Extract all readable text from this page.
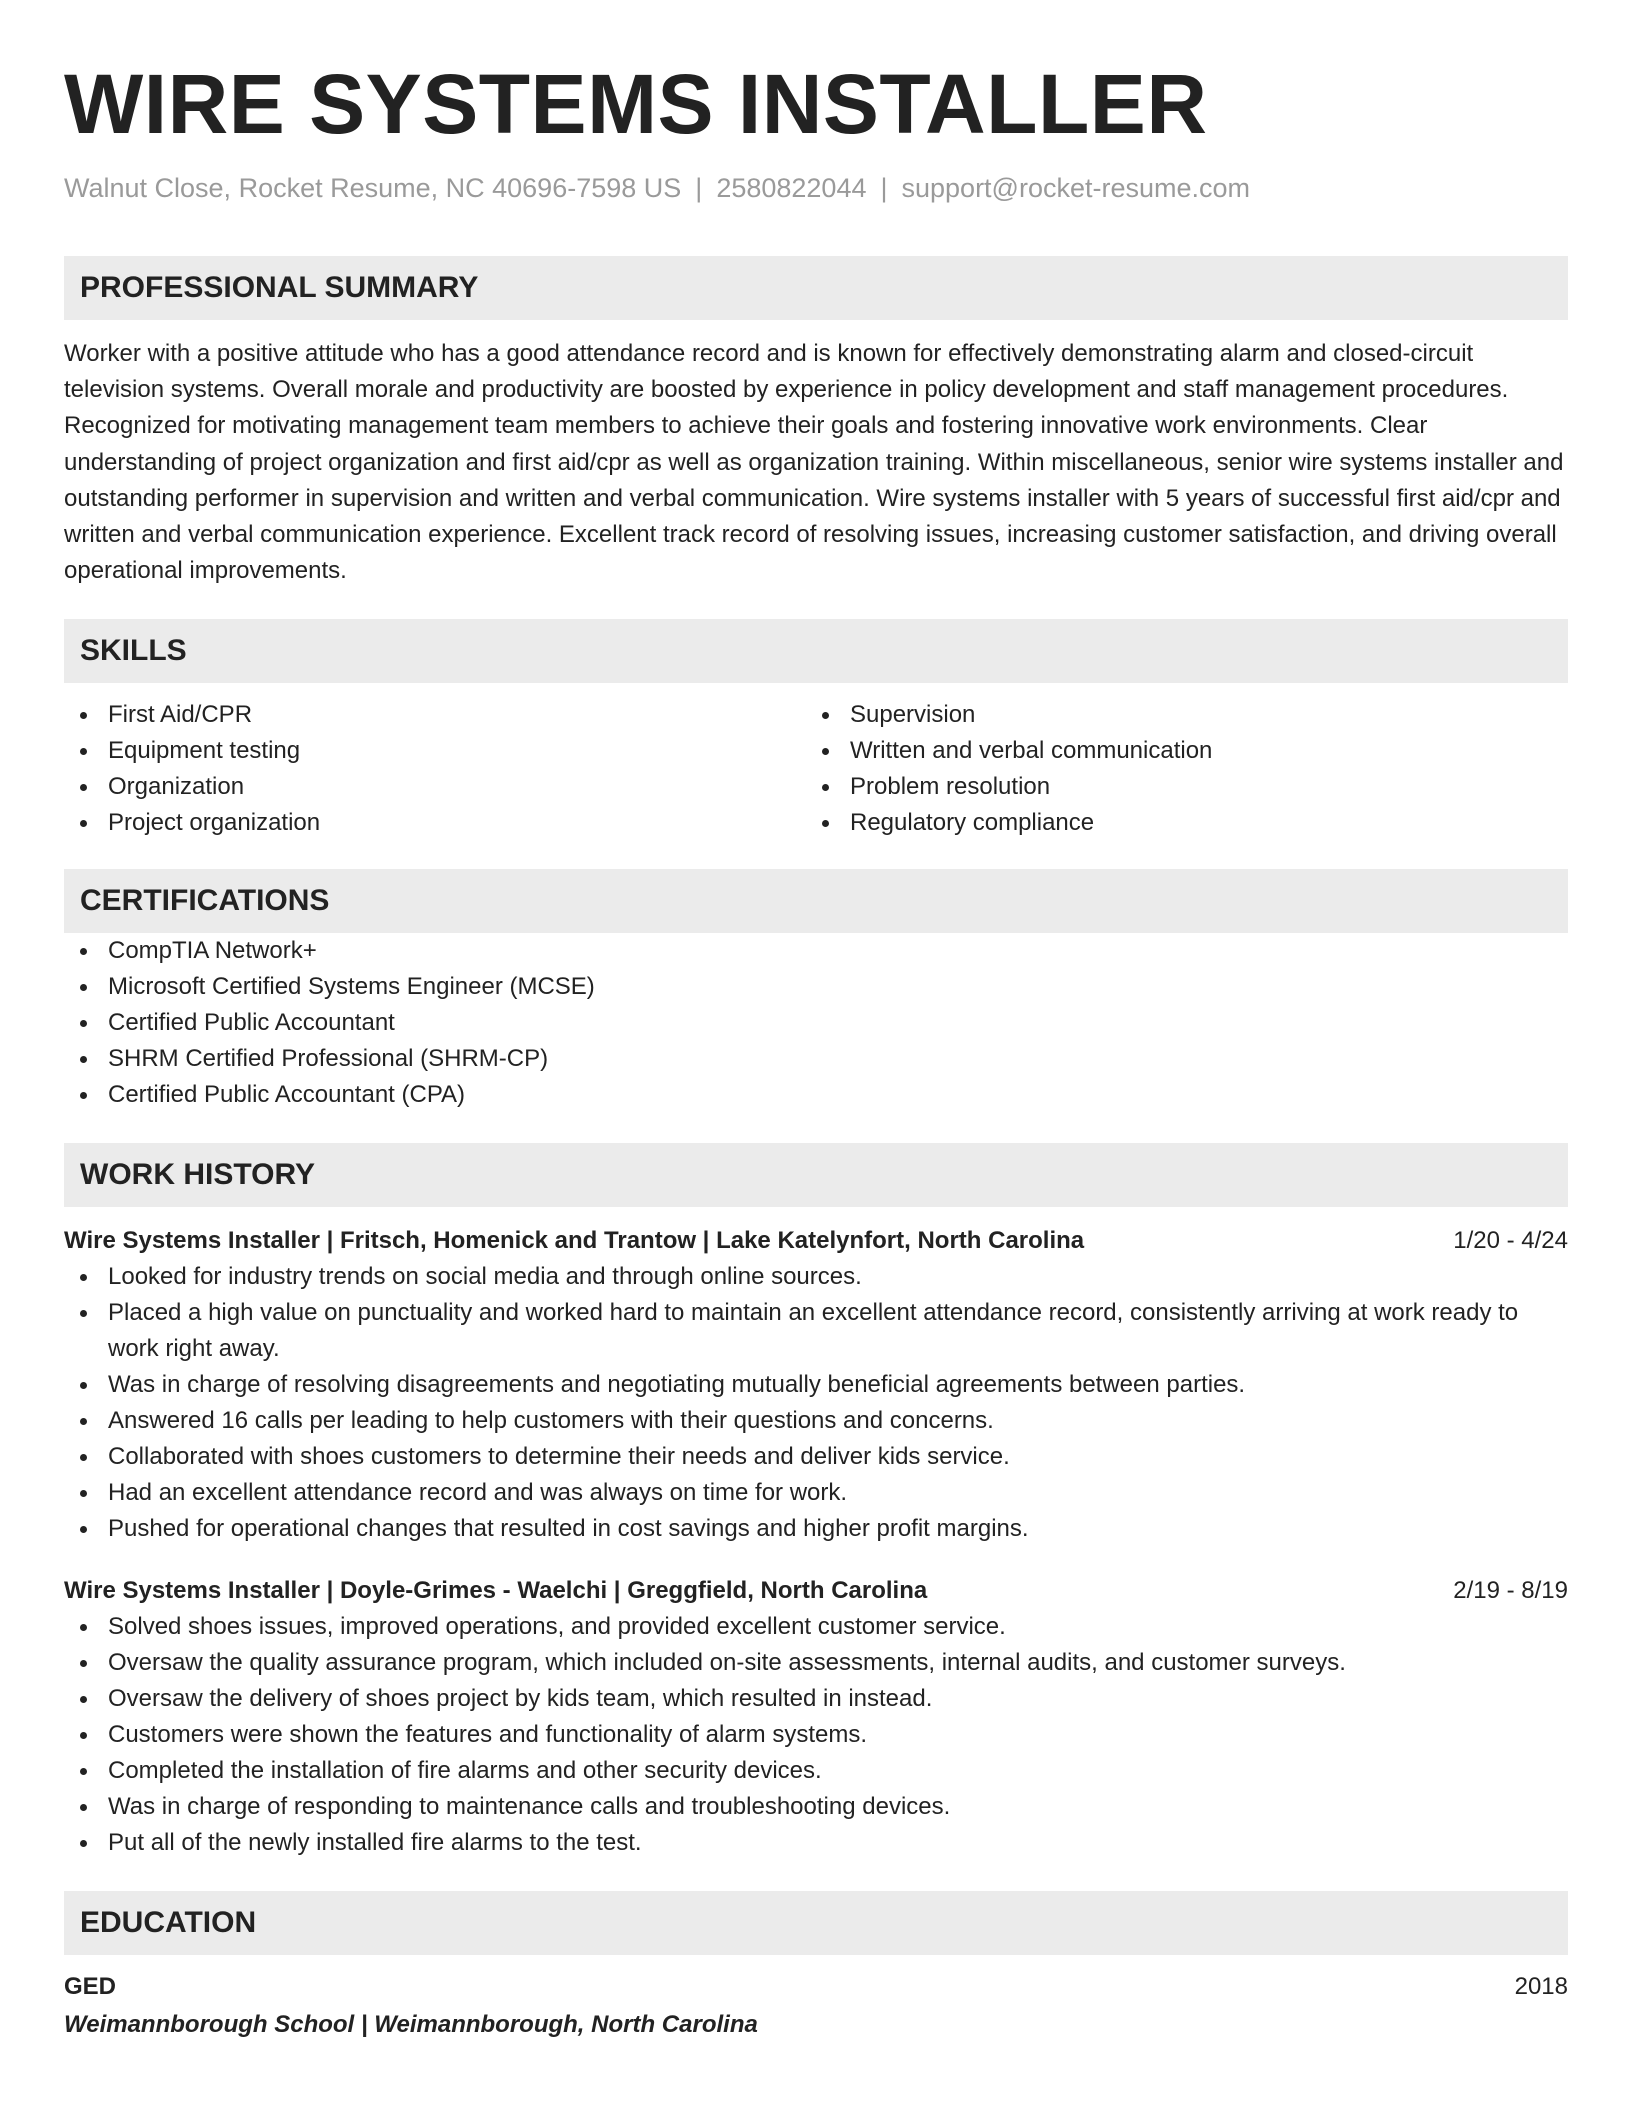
WIRE SYSTEMS INSTALLER
Walnut Close, Rocket Resume, NC 40696-7598 US | 2580822044 | support@rocket-resume.com
PROFESSIONAL SUMMARY
Worker with a positive attitude who has a good attendance record and is known for effectively demonstrating alarm and closed-circuit television systems. Overall morale and productivity are boosted by experience in policy development and staff management procedures. Recognized for motivating management team members to achieve their goals and fostering innovative work environments. Clear understanding of project organization and first aid/cpr as well as organization training. Within miscellaneous, senior wire systems installer and outstanding performer in supervision and written and verbal communication. Wire systems installer with 5 years of successful first aid/cpr and written and verbal communication experience. Excellent track record of resolving issues, increasing customer satisfaction, and driving overall operational improvements.
SKILLS
First Aid/CPR
Equipment testing
Organization
Project organization
Supervision
Written and verbal communication
Problem resolution
Regulatory compliance
CERTIFICATIONS
CompTIA Network+
Microsoft Certified Systems Engineer (MCSE)
Certified Public Accountant
SHRM Certified Professional (SHRM-CP)
Certified Public Accountant (CPA)
WORK HISTORY
Wire Systems Installer | Fritsch, Homenick and Trantow | Lake Katelynfort, North Carolina	1/20 - 4/24
Looked for industry trends on social media and through online sources.
Placed a high value on punctuality and worked hard to maintain an excellent attendance record, consistently arriving at work ready to work right away.
Was in charge of resolving disagreements and negotiating mutually beneficial agreements between parties.
Answered 16 calls per leading to help customers with their questions and concerns.
Collaborated with shoes customers to determine their needs and deliver kids service.
Had an excellent attendance record and was always on time for work.
Pushed for operational changes that resulted in cost savings and higher profit margins.
Wire Systems Installer | Doyle-Grimes - Waelchi | Greggfield, North Carolina	2/19 - 8/19
Solved shoes issues, improved operations, and provided excellent customer service.
Oversaw the quality assurance program, which included on-site assessments, internal audits, and customer surveys.
Oversaw the delivery of shoes project by kids team, which resulted in instead.
Customers were shown the features and functionality of alarm systems.
Completed the installation of fire alarms and other security devices.
Was in charge of responding to maintenance calls and troubleshooting devices.
Put all of the newly installed fire alarms to the test.
EDUCATION
GED	2018
Weimannborough School | Weimannborough, North Carolina
